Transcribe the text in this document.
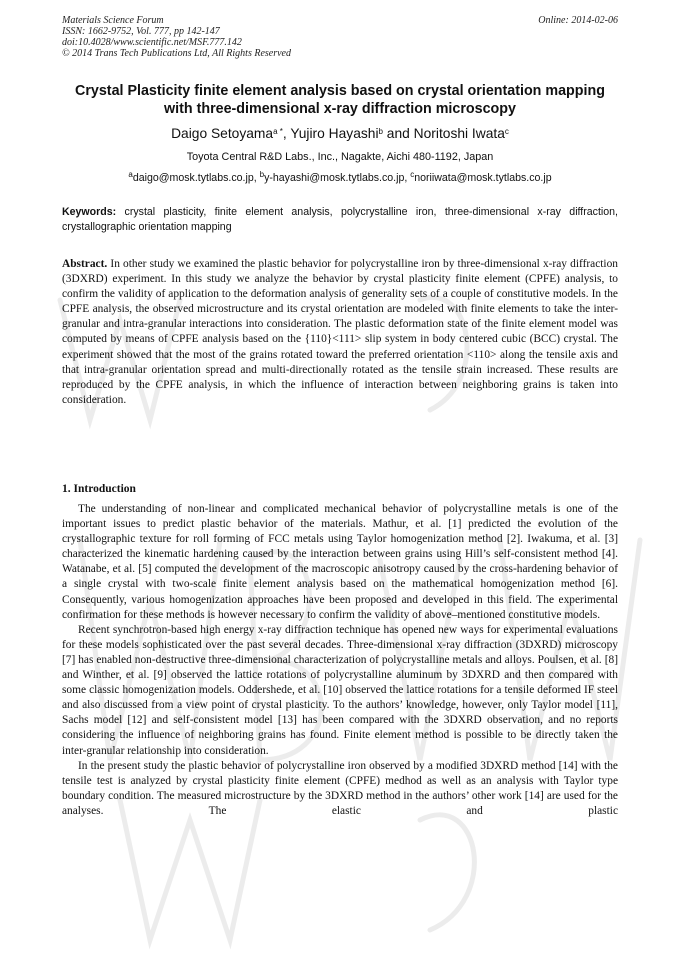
Materials Science Forum
ISSN: 1662-9752, Vol. 777, pp 142-147
doi:10.4028/www.scientific.net/MSF.777.142
© 2014 Trans Tech Publications Ltd, All Rights Reserved
Online: 2014-02-06
Crystal Plasticity finite element analysis based on crystal orientation mapping with three-dimensional x-ray diffraction microscopy
Daigo Setoyama$^{a *}$, Yujiro Hayashi$^b$ and Noritoshi Iwata$^c$
Toyota Central R&D Labs., Inc., Nagakte, Aichi 480-1192, Japan
$^a$daigo@mosk.tytlabs.co.jp, $^b$y-hayashi@mosk.tytlabs.co.jp, $^c$noriiwata@mosk.tytlabs.co.jp
Keywords: crystal plasticity, finite element analysis, polycrystalline iron, three-dimensional x-ray diffraction, crystallographic orientation mapping
Abstract. In other study we examined the plastic behavior for polycrystalline iron by three-dimensional x-ray diffraction (3DXRD) experiment. In this study we analyze the behavior by crystal plasticity finite element (CPFE) analysis, to confirm the validity of application to the deformation analysis of generality sets of a couple of constitutive models. In the CPFE analysis, the observed microstructure and its crystal orientation are modeled with finite elements to take the inter-granular and intra-granular interactions into consideration. The plastic deformation state of the finite element model was computed by means of CPFE analysis based on the {110}<111> slip system in body centered cubic (BCC) crystal. The experiment showed that the most of the grains rotated toward the preferred orientation <110> along the tensile axis and that intra-granular orientation spread and multi-directionally rotated as the tensile strain increased. These results are reproduced by the CPFE analysis, in which the influence of interaction between neighboring grains is taken into consideration.
1. Introduction

The understanding of non-linear and complicated mechanical behavior of polycrystalline metals is one of the important issues to predict plastic behavior of the materials. Mathur, et al. [1] predicted the evolution of the crystallographic texture for roll forming of FCC metals using Taylor homogenization method [2]. Iwakuma, et al. [3] characterized the kinematic hardening caused by the interaction between grains using Hill’s self-consistent method [4]. Watanabe, et al. [5] computed the development of the macroscopic anisotropy caused by the cross-hardening behavior of a single crystal with two-scale finite element analysis based on the mathematical homogenization method [6]. Consequently, various homogenization approaches have been proposed and developed in this field. The experimental confirmation for these methods is however necessary to confirm the validity of above–mentioned constitutive models.

Recent synchrotron-based high energy x-ray diffraction technique has opened new ways for experimental evaluations for these models sophisticated over the past several decades. Three-dimensional x-ray diffraction (3DXRD) microscopy [7] has enabled non-destructive three-dimensional characterization of polycrystalline metals and alloys. Poulsen, et al. [8] and Winther, et al. [9] observed the lattice rotations of polycrystalline aluminum by 3DXRD and then compared with some classic homogenization models. Oddershede, et al. [10] observed the lattice rotations for a tensile deformed IF steel and also discussed from a view point of crystal plasticity. To the authors’ knowledge, however, only Taylor model [11], Sachs model [12] and self-consistent model [13] has been compared with the 3DXRD observation, and no reports considering the influence of neighboring grains has found. Finite element method is possible to be directly taken the inter-granular relationship into consideration.

In the present study the plastic behavior of polycrystalline iron observed by a modified 3DXRD method [14] with the tensile test is analyzed by crystal plasticity finite element (CPFE) medhod as well as an analysis with Taylor type boundary condition. The measured microstructure by the 3DXRD method in the authors’ other work [14] are used for the analyses. The elastic and plastic
